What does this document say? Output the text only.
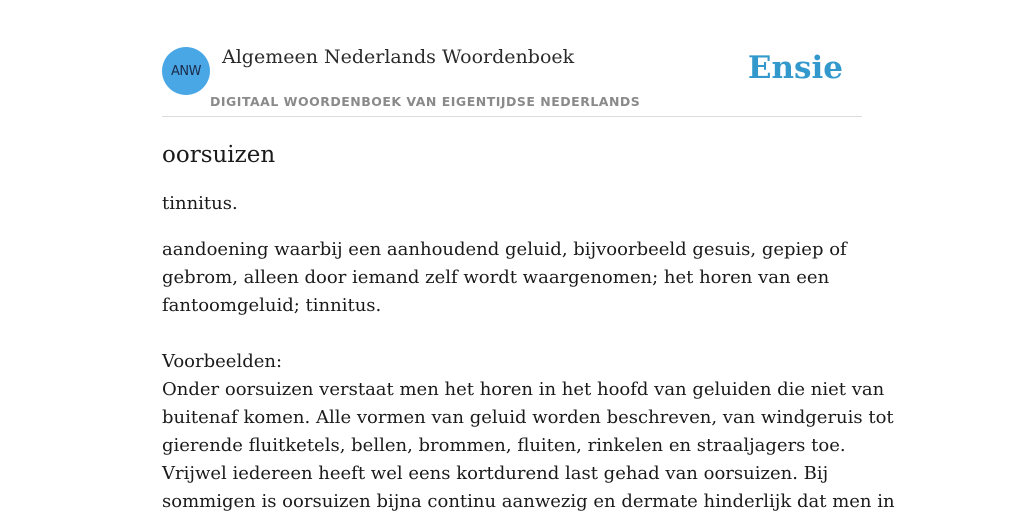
ANW
Algemeen Nederlands Woordenboek
DIGITAAL WOORDENBOEK VAN EIGENTIJDSE NEDERLANDS
Ensie
oorsuizen

tinnitus.

aandoening waarbij een aanhoudend geluid, bijvoorbeeld gesuis, gepiep of
gebrom, alleen door iemand zelf wordt waargenomen; het horen van een
fantoomgeluid; tinnitus.

Voorbeelden:
Onder oorsuizen verstaat men het horen in het hoofd van geluiden die niet van
buitenaf komen. Alle vormen van geluid worden beschreven, van windgeruis tot
gierende fluitketels, bellen, brommen, fluiten, rinkelen en straaljagers toe.
Vrijwel iedereen heeft wel eens kortdurend last gehad van oorsuizen. Bij
sommigen is oorsuizen bijna continu aanwezig en dermate hinderlijk dat men in
